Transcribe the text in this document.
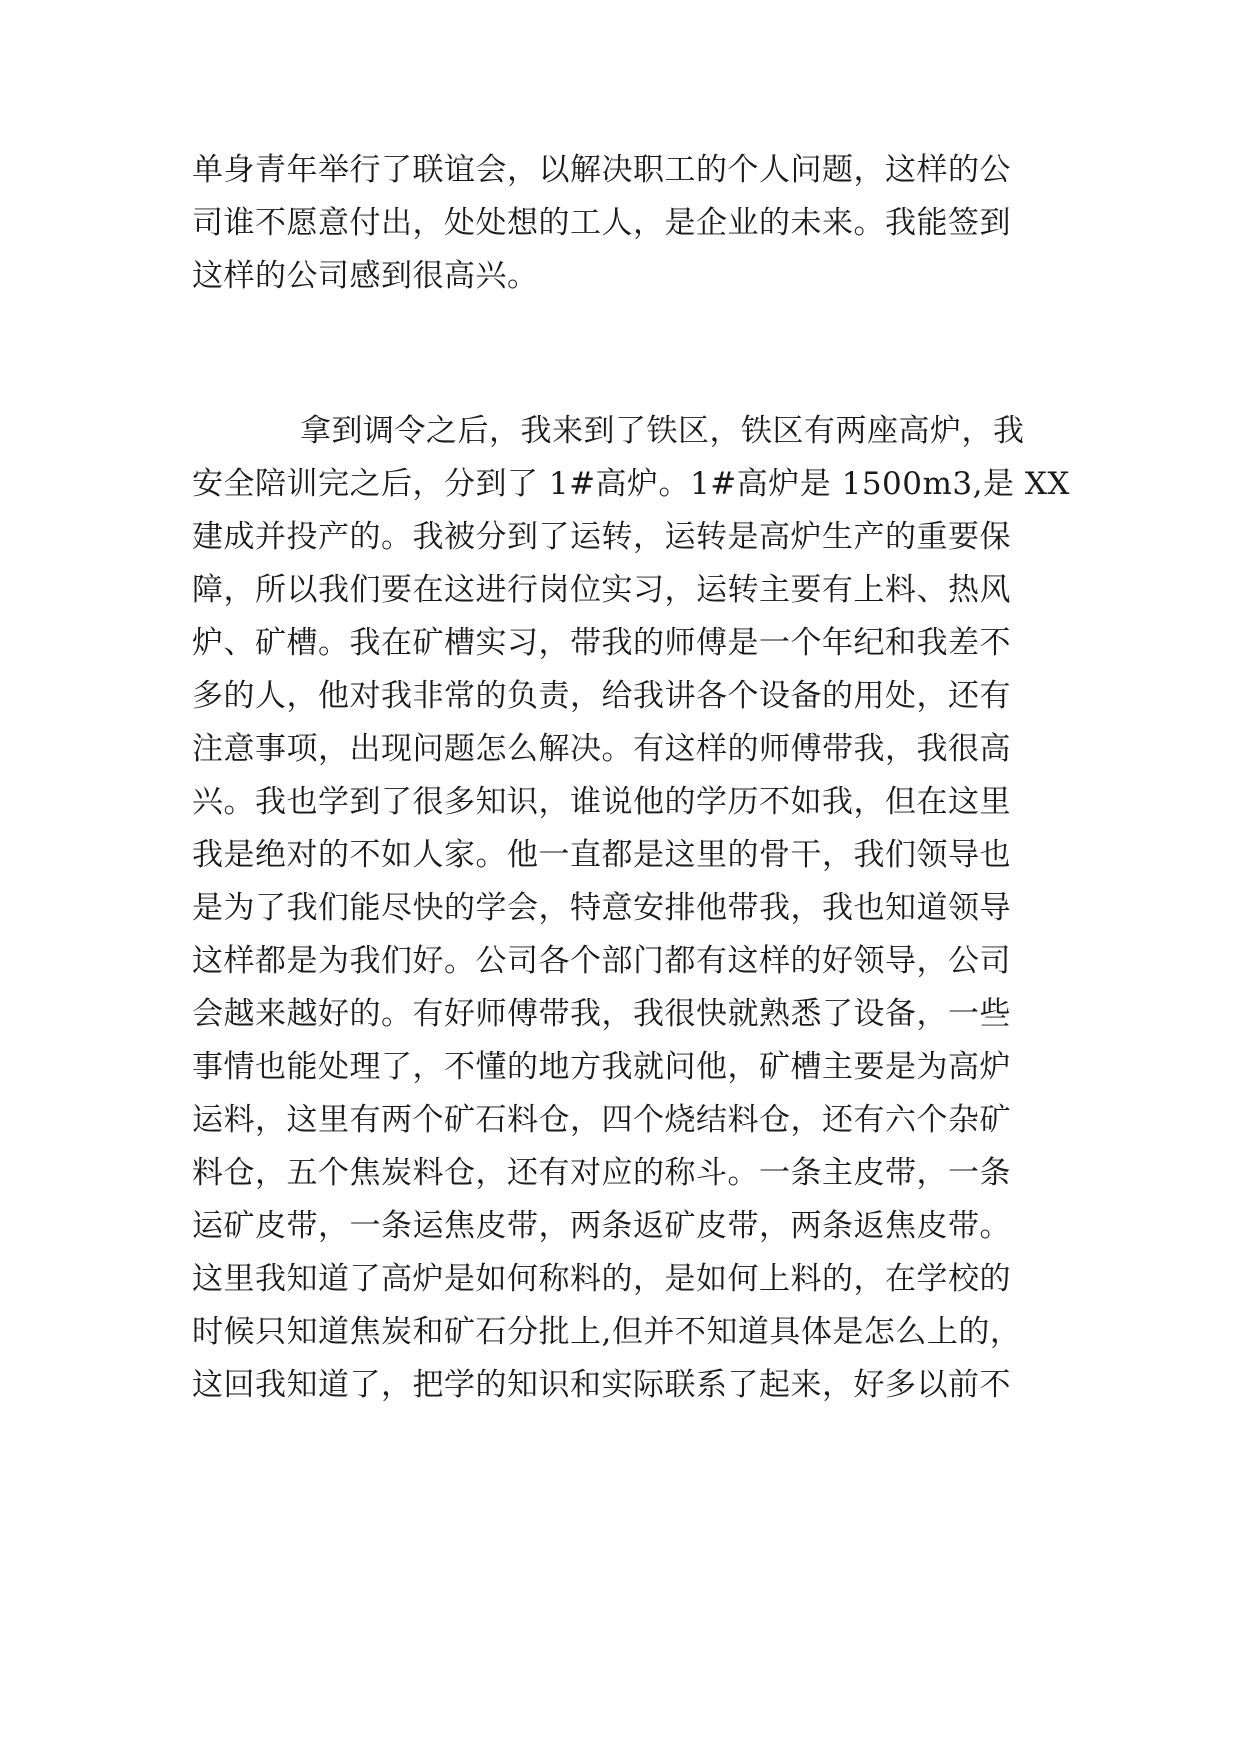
单身青年举行了联谊会，以解决职工的个人问题，这样的公
司谁不愿意付出，处处想的工人，是企业的未来。我能签到
这样的公司感到很高兴。
拿到调令之后，我来到了铁区，铁区有两座高炉，我
安全陪训完之后，分到了 1#高炉。1#高炉是 1500m3,是 XX
建成并投产的。我被分到了运转，运转是高炉生产的重要保
障，所以我们要在这进行岗位实习，运转主要有上料、热风
炉、矿槽。我在矿槽实习，带我的师傅是一个年纪和我差不
多的人，他对我非常的负责，给我讲各个设备的用处，还有
注意事项，出现问题怎么解决。有这样的师傅带我，我很高
兴。我也学到了很多知识，谁说他的学历不如我，但在这里
我是绝对的不如人家。他一直都是这里的骨干，我们领导也
是为了我们能尽快的学会，特意安排他带我，我也知道领导
这样都是为我们好。公司各个部门都有这样的好领导，公司
会越来越好的。有好师傅带我，我很快就熟悉了设备，一些
事情也能处理了，不懂的地方我就问他，矿槽主要是为高炉
运料，这里有两个矿石料仓，四个烧结料仓，还有六个杂矿
料仓，五个焦炭料仓，还有对应的称斗。一条主皮带，一条
运矿皮带，一条运焦皮带，两条返矿皮带，两条返焦皮带。
这里我知道了高炉是如何称料的，是如何上料的，在学校的
时候只知道焦炭和矿石分批上,但并不知道具体是怎么上的，
这回我知道了，把学的知识和实际联系了起来，好多以前不
